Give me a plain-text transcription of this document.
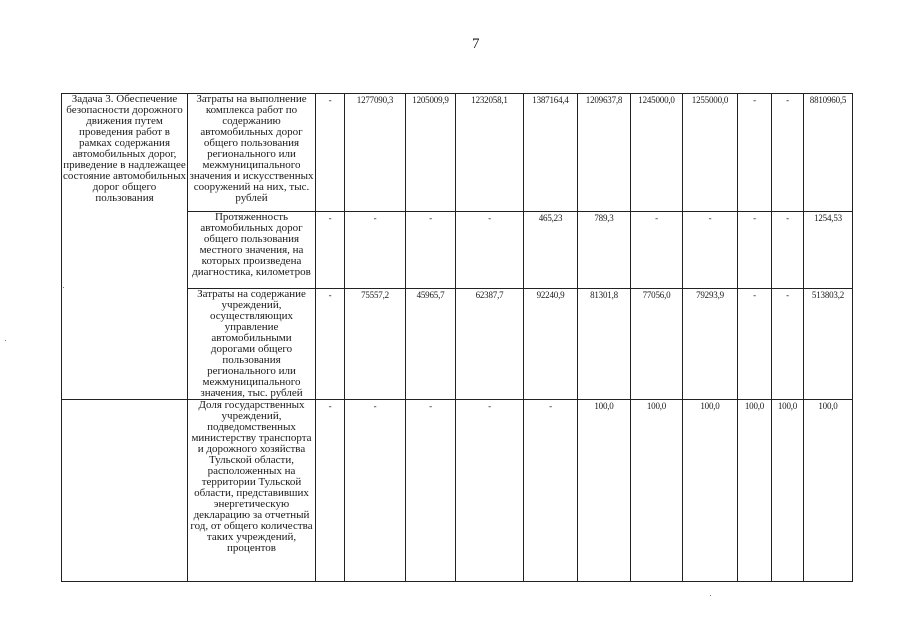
7
Задача 3. Обеспечение безопасности дорожного движения путем проведения работ в рамках содержания автомобильных дорог, приведение в надлежащее состояние автомобильных дорог общего пользования	Затраты на выполнение комплекса работ по содержанию автомобильных дорог общего пользования регионального или межмуниципального значения и искусственных сооружений на них, тыс. рублей	-	1277090,3	1205009,9	1232058,1	1387164,4	1209637,8	1245000,0	1255000,0	-	-	8810960,5
	Протяженность автомобильных дорог общего пользования местного значения, на которых произведена диагностика, километров	-	-	-	-	465,23	789,3	-	-	-	-	1254,53
	Затраты на содержание учреждений, осуществляющих управление автомобильными дорогами общего пользования регионального или межмуниципального значения, тыс. рублей	-	75557,2	45965,7	62387,7	92240,9	81301,8	77056,0	79293,9	-	-	513803,2
	Доля государственных учреждений, подведомственных министерству транспорта и дорожного хозяйства Тульской области, расположенных на территории Тульской области, представивших энергетическую декларацию за отчетный год, от общего количества таких учреждений, процентов	-	-	-	-	-	100,0	100,0	100,0	100,0	100,0	100,0
